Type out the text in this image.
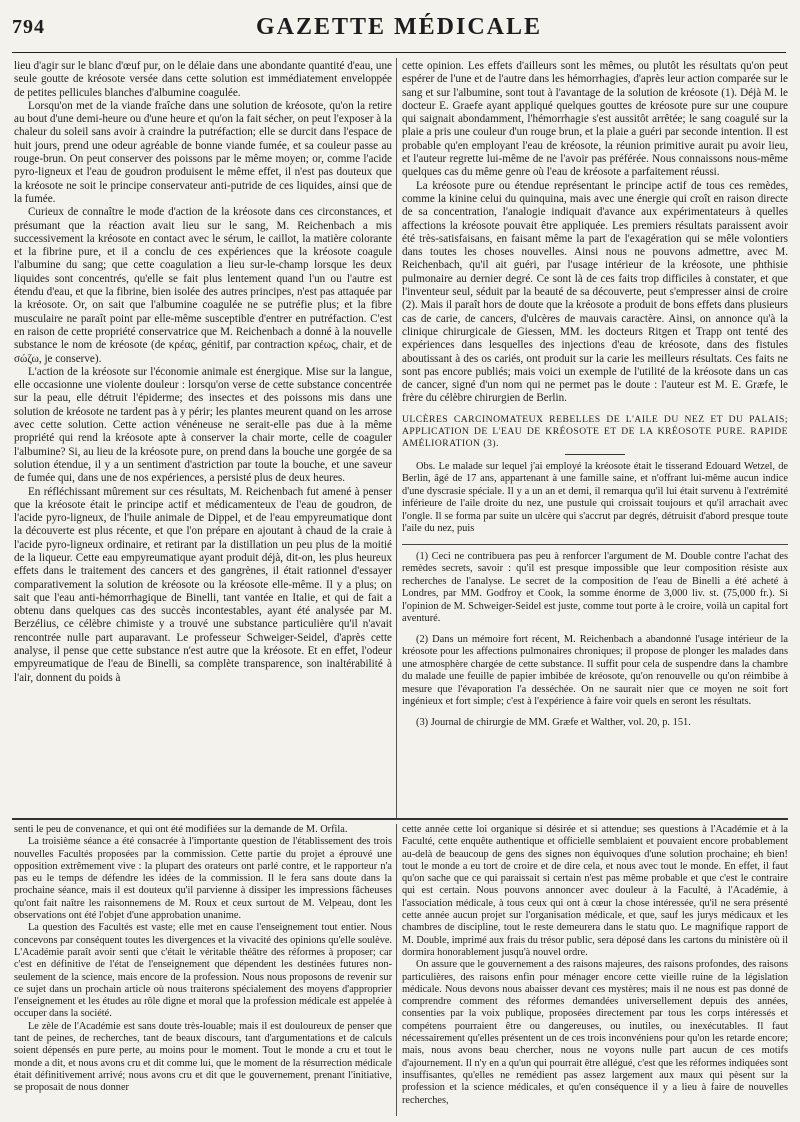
794	GAZETTE MÉDICALE

lieu d'agir sur le blanc d'œuf pur, on le délaie dans une abondante quantité d'eau, une seule goutte de kréosote versée dans cette solution est immédiatement enveloppée de petites pellicules blanches d'albumine coagulée.

Lorsqu'on met de la viande fraîche dans une solution de kréosote, qu'on la retire au bout d'une demi-heure ou d'une heure et qu'on la fait sécher, on peut l'exposer à la chaleur du soleil sans avoir à craindre la putréfaction; elle se durcit dans l'espace de huit jours, prend une odeur agréable de bonne viande fumée, et sa couleur passe au rouge-brun. On peut conserver des poissons par le même moyen; or, comme l'acide pyro-ligneux et l'eau de goudron produisent le même effet, il n'est pas douteux que la kréosote ne soit le principe conservateur anti-putride de ces liquides, ainsi que de la fumée.

Curieux de connaître le mode d'action de la kréosote dans ces circonstances, et présumant que la réaction avait lieu sur le sang, M. Reichenbach a mis successivement la kréosote en contact avec le sérum, le caillot, la matière colorante et la fibrine pure, et il a conclu de ces expériences que la kréosote coagule l'albumine du sang; que cette coagulation a lieu sur-le-champ lorsque les deux liquides sont concentrés, qu'elle se fait plus lentement quand l'un ou l'autre est étendu d'eau, et que la fibrine, bien isolée des autres principes, n'est pas attaquée par la kréosote. Or, on sait que l'albumine coagulée ne se putréfie plus; et la fibre musculaire ne paraît point par elle-même susceptible d'entrer en putréfaction. C'est en raison de cette propriété conservatrice que M. Reichenbach a donné à la nouvelle substance le nom de kréosote (de κρέας, génitif, par contraction κρέως, chair, et de σώζω, je conserve).

L'action de la kréosote sur l'économie animale est énergique. Mise sur la langue, elle occasionne une violente douleur : lorsqu'on verse de cette substance concentrée sur la peau, elle détruit l'épiderme; des insectes et des poissons mis dans une solution de kréosote ne tardent pas à y périr; les plantes meurent quand on les arrose avec cette solution. Cette action vénéneuse ne serait-elle pas due à la même propriété qui rend la kréosote apte à conserver la chair morte, celle de coaguler l'albumine? Si, au lieu de la kréosote pure, on prend dans la bouche une gorgée de sa solution étendue, il y a un sentiment d'astriction par toute la bouche, et une saveur de fumée qui, dans une de nos expériences, a persisté plus de deux heures.

En réfléchissant mûrement sur ces résultats, M. Reichenbach fut amené à penser que la kréosote était le principe actif et médicamenteux de l'eau de goudron, de l'acide pyro-ligneux, de l'huile animale de Dippel, et de l'eau empyreumatique dont la découverte est plus récente, et que l'on prépare en ajoutant à chaud de la craie à l'acide pyro-ligneux ordinaire, et retirant par la distillation un peu plus de la moitié de la liqueur. Cette eau empyreumatique ayant produit déjà, dit-on, les plus heureux effets dans le traitement des cancers et des gangrènes, il était rationnel d'essayer comparativement la solution de kréosote ou la kréosote elle-même. Il y a plus; on sait que l'eau anti-hémorrhagique de Binelli, tant vantée en Italie, et qui de fait a obtenu dans quelques cas des succès incontestables, ayant été analysée par M. Berzélius, ce célèbre chimiste y a trouvé une substance particulière qu'il n'avait rencontrée nulle part auparavant. Le professeur Schweiger-Seidel, d'après cette analyse, il pense que cette substance n'est autre que la kréosote. Et en effet, l'odeur empyreumatique de l'eau de Binelli, sa complète transparence, son inaltérabilité à l'air, donnent du poids à

cette opinion. Les effets d'ailleurs sont les mêmes, ou plutôt les résultats qu'on peut espérer de l'une et de l'autre dans les hémorrhagies, d'après leur action comparée sur le sang et sur l'albumine, sont tout à l'avantage de la solution de kréosote (1). Déjà M. le docteur E. Graefe ayant appliqué quelques gouttes de kréosote pure sur une coupure qui saignait abondamment, l'hémorrhagie s'est aussitôt arrêtée; le sang coagulé sur la plaie a pris une couleur d'un rouge brun, et la plaie a guéri par seconde intention. Il est probable qu'en employant l'eau de kréosote, la réunion primitive aurait pu avoir lieu, et l'auteur regrette lui-même de ne l'avoir pas préférée. Nous connaissons nous-même quelques cas du même genre où l'eau de kréosote a parfaitement réussi.

La kréosote pure ou étendue représentant le principe actif de tous ces remèdes, comme la kinine celui du quinquina, mais avec une énergie qui croît en raison directe de sa concentration, l'analogie indiquait d'avance aux expérimentateurs à quelles affections la kréosote pouvait être appliquée. Les premiers résultats paraissent avoir été très-satisfaisans, en faisant même la part de l'exagération qui se mêle volontiers dans toutes les choses nouvelles. Ainsi nous ne pouvons admettre, avec M. Reichenbach, qu'il ait guéri, par l'usage intérieur de la kréosote, une phthisie pulmonaire au dernier degré. Ce sont là de ces faits trop difficiles à constater, et que l'inventeur seul, séduit par la beauté de sa découverte, peut s'empresser ainsi de croire (2). Mais il paraît hors de doute que la kréosote a produit de bons effets dans plusieurs cas de carie, de cancers, d'ulcères de mauvais caractère. Ainsi, on annonce qu'à la clinique chirurgicale de Giessen, MM. les docteurs Ritgen et Trapp ont tenté des expériences dans lesquelles des injections d'eau de kréosote, dans des fistules aboutissant à des os cariés, ont produit sur la carie les meilleurs résultats. Ces faits ne sont pas encore publiés; mais voici un exemple de l'utilité de la kréosote dans un cas de cancer, signé d'un nom qui ne permet pas le doute : l'auteur est M. E. Græfe, le frère du célèbre chirurgien de Berlin.

ULCÈRES CARCINOMATEUX REBELLES DE L'AILE DU NEZ ET DU PALAIS; APPLICATION DE L'EAU DE KRÉOSOTE ET DE LA KRÉOSOTE PURE. RAPIDE AMÉLIORATION (3).

Obs. Le malade sur lequel j'ai employé la kréosote était le tisserand Edouard Wetzel, de Berlin, âgé de 17 ans, appartenant à une famille saine, et n'offrant lui-même aucun indice d'une dyscrasie spéciale. Il y a un an et demi, il remarqua qu'il lui était survenu à l'extrémité inférieure de l'aile droite du nez, une pustule qui croissait toujours et qu'il arrachait avec l'ongle. Il se forma par suite un ulcère qui s'accrut par degrés, détruisit d'abord presque toute l'aile du nez, puis

(1) Ceci ne contribuera pas peu à renforcer l'argument de M. Double contre l'achat des remèdes secrets, savoir : qu'il est presque impossible que leur composition résiste aux recherches de l'analyse. Le secret de la composition de l'eau de Binelli a été acheté à Londres, par MM. Godfroy et Cook, la somme énorme de 3,000 liv. st. (75,000 fr.). Si l'opinion de M. Schweiger-Seidel est juste, comme tout porte à le croire, voilà un capital fort aventuré.

(2) Dans un mémoire fort récent, M. Reichenbach a abandonné l'usage intérieur de la kréosote pour les affections pulmonaires chroniques; il propose de plonger les malades dans une atmosphère chargée de cette substance. Il suffit pour cela de suspendre dans la chambre du malade une feuille de papier imbibée de kréosote, qu'on renouvelle ou qu'on réimbibe à mesure que l'évaporation l'a desséchée. On ne saurait nier que ce moyen ne soit fort ingénieux et fort simple; c'est à l'expérience à faire voir quels en seront les résultats.

(3) Journal de chirurgie de MM. Græfe et Walther, vol. 20, p. 151.

senti le peu de convenance, et qui ont été modifiées sur la demande de M. Orfila.

La troisième séance a été consacrée à l'importante question de l'établissement des trois nouvelles Facultés proposées par la commission. Cette partie du projet a éprouvé une opposition extrêmement vive : la plupart des orateurs ont parlé contre, et le rapporteur n'a pas eu le temps de défendre les idées de la commission. Il le fera sans doute dans la prochaine séance, mais il est douteux qu'il parvienne à dissiper les impressions fâcheuses qu'ont fait naître les raisonnemens de M. Roux et ceux surtout de M. Velpeau, dont les observations ont été l'objet d'une approbation unanime.

La question des Facultés est vaste; elle met en cause l'enseignement tout entier. Nous concevons par conséquent toutes les divergences et la vivacité des opinions qu'elle soulève. L'Académie paraît avoir senti que c'était le véritable théâtre des réformes à proposer; car c'est en définitive de l'état de l'enseignement que dépendent les destinées futures non-seulement de la science, mais encore de la profession. Nous nous proposons de revenir sur ce sujet dans un prochain article où nous traiterons spécialement des moyens d'approprier l'enseignement et les études au rôle digne et moral que la profession médicale est appelée à occuper dans la société.

Le zèle de l'Académie est sans doute très-louable; mais il est douloureux de penser que tant de peines, de recherches, tant de beaux discours, tant d'argumentations et de calculs soient dépensés en pure perte, au moins pour le moment. Tout le monde a cru et tout le monde a dit, et nous avons cru et dit comme lui, que le moment de la résurrection médicale était définitivement arrivé; nous avons cru et dit que le gouvernement, prenant l'initiative, se proposait de nous donner

cette année cette loi organique si désirée et si attendue; ses questions à l'Académie et à la Faculté, cette enquête authentique et officielle semblaient et pouvaient encore probablement au-delà de beaucoup de gens des signes non équivoques d'une solution prochaine; eh bien! tout le monde a eu tort de croire et de dire cela, et nous avec tout le monde. En effet, il faut qu'on sache que ce qui paraissait si certain n'est pas même probable et que c'est le contraire qui est certain. Nous pouvons annoncer avec douleur à la Faculté, à l'Académie, à l'association médicale, à tous ceux qui ont à cœur la chose intéressée, qu'il ne sera présenté cette année aucun projet sur l'organisation médicale, et que, sauf les jurys médicaux et les chambres de discipline, tout le reste demeurera dans le statu quo. Le magnifique rapport de M. Double, imprimé aux frais du trésor public, sera déposé dans les cartons du ministère où il dormira honorablement jusqu'à nouvel ordre.

On assure que le gouvernement a des raisons majeures, des raisons profondes, des raisons particulières, des raisons enfin pour ménager encore cette vieille ruine de la législation médicale. Nous devons nous abaisser devant ces mystères; mais il ne nous est pas donné de comprendre comment des réformes demandées universellement depuis des années, consenties par la voix publique, proposées directement par tous les corps intéressés et compétens pourraient être ou dangereuses, ou inutiles, ou inexécutables. Il faut nécessairement qu'elles présentent un de ces trois inconvéniens pour qu'on les retarde encore; mais, nous avons beau chercher, nous ne voyons nulle part aucun de ces motifs d'ajournement. Il n'y en a qu'un qui pourrait être allégué, c'est que les réformes indiquées sont insuffisantes, qu'elles ne remédient pas assez largement aux maux qui pèsent sur la profession et la science médicales, et qu'en conséquence il y a lieu à faire de nouvelles recherches,
